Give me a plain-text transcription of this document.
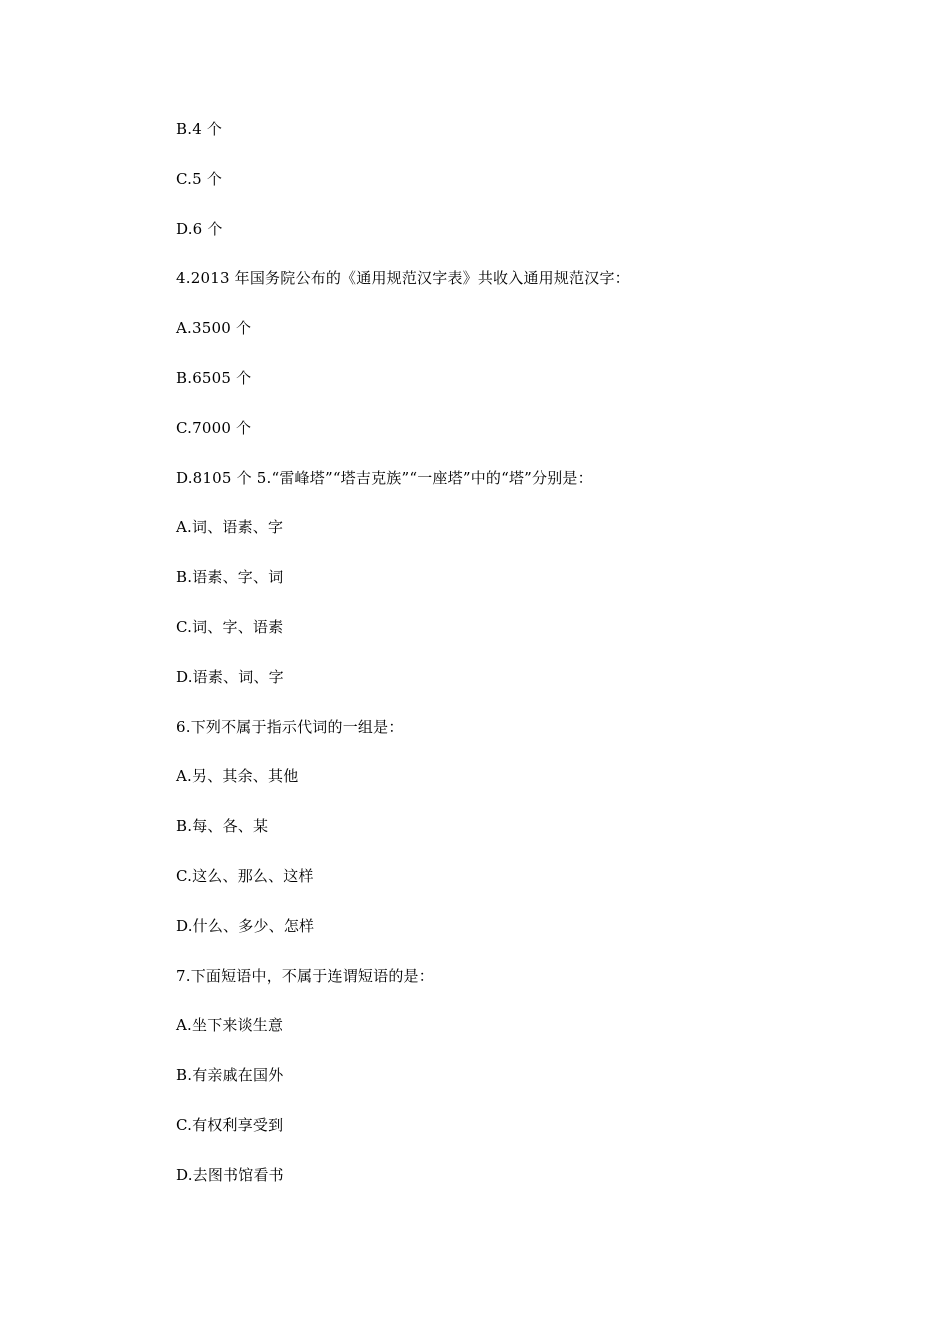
B.4 个
C.5 个
D.6 个
4.2013 年国务院公布的《通用规范汉字表》共收入通用规范汉字：
A.3500 个
B.6505 个
C.7000 个
D.8105 个 5.“雷峰塔”“塔吉克族”“一座塔”中的“塔”分别是：
A.词、语素、字
B.语素、字、词
C.词、字、语素
D.语素、词、字
6.下列不属于指示代词的一组是：
A.另、其余、其他
B.每、各、某
C.这么、那么、这样
D.什么、多少、怎样
7.下面短语中，不属于连谓短语的是：
A.坐下来谈生意
B.有亲戚在国外
C.有权利享受到
D.去图书馆看书
